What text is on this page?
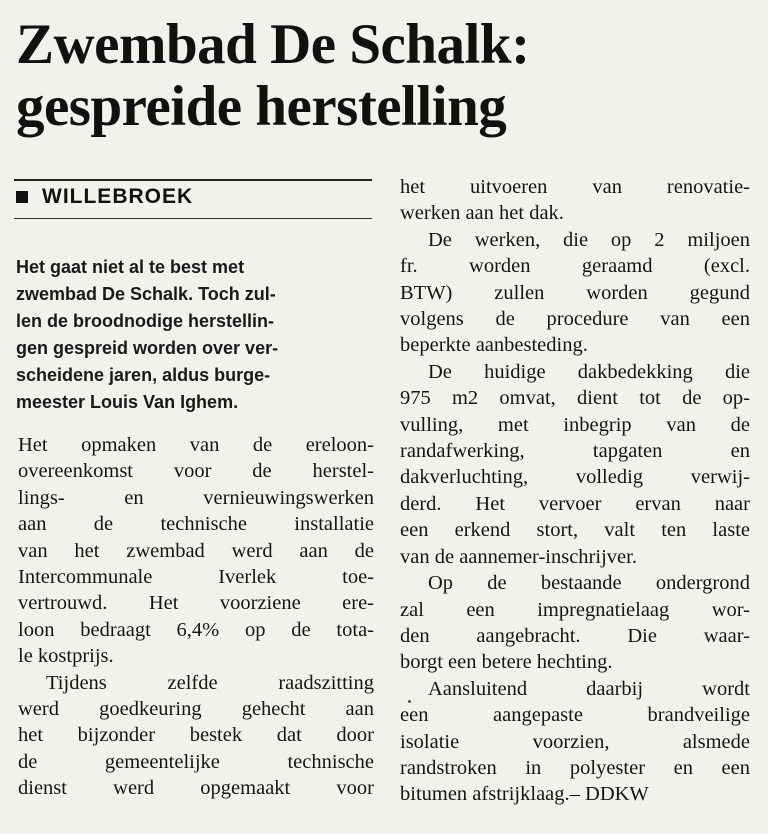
Zwembad De Schalk:
gespreide herstelling
WILLEBROEK
Het gaat niet al te best met
zwembad De Schalk. Toch zul-
len de broodnodige herstellin-
gen gespreid worden over ver-
scheidene jaren, aldus burge-
meester Louis Van Ighem.
Het opmaken van de ereloon-
overeenkomst voor de herstel-
lings- en vernieuwingswerken
aan de technische installatie
van het zwembad werd aan de
Intercommunale Iverlek toe-
vertrouwd. Het voorziene ere-
loon bedraagt 6,4% op de tota-
le kostprijs.
Tijdens zelfde raadszitting
werd goedkeuring gehecht aan
het bijzonder bestek dat door
de gemeentelijke technische
dienst werd opgemaakt voor
het uitvoeren van renovatie-
werken aan het dak.
De werken, die op 2 miljoen
fr. worden geraamd (excl.
BTW) zullen worden gegund
volgens de procedure van een
beperkte aanbesteding.
De huidige dakbedekking die
975 m2 omvat, dient tot de op-
vulling, met inbegrip van de
randafwerking, tapgaten en
dakverluchting, volledig verwij-
derd. Het vervoer ervan naar
een erkend stort, valt ten laste
van de aannemer-inschrijver.
Op de bestaande ondergrond
zal een impregnatielaag wor-
den aangebracht. Die waar-
borgt een betere hechting.
Aansluitend daarbij wordt
een aangepaste brandveilige
isolatie voorzien, alsmede
randstroken in polyester en een
bitumen afstrijklaag.– DDKW
